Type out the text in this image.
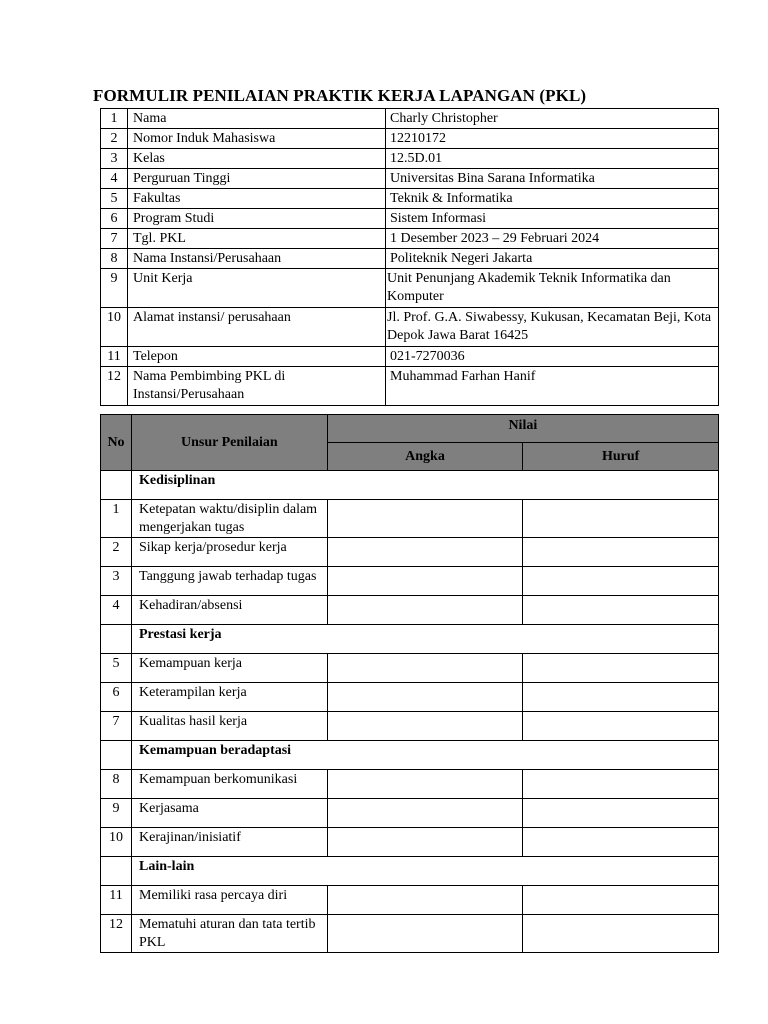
FORMULIR PENILAIAN PRAKTIK KERJA LAPANGAN (PKL)
1	Nama	Charly Christopher
2	Nomor Induk Mahasiswa	12210172
3	Kelas	12.5D.01
4	Perguruan Tinggi	Universitas Bina Sarana Informatika
5	Fakultas	Teknik & Informatika
6	Program Studi	Sistem Informasi
7	Tgl. PKL	1 Desember 2023 – 29 Februari 2024
8	Nama Instansi/Perusahaan	Politeknik Negeri Jakarta
9	Unit Kerja	Unit Penunjang Akademik Teknik Informatika dan Komputer
10	Alamat instansi/ perusahaan	Jl. Prof. G.A. Siwabessy, Kukusan, Kecamatan Beji, Kota Depok Jawa Barat 16425
11	Telepon	021-7270036
12	Nama Pembimbing PKL di Instansi/Perusahaan	Muhammad Farhan Hanif
No	Unsur Penilaian	Nilai	
		Angka	Huruf
	Kedisiplinan		
1	Ketepatan waktu/disiplin dalam mengerjakan tugas		
2	Sikap kerja/prosedur kerja		
3	Tanggung jawab terhadap tugas		
4	Kehadiran/absensi		
	Prestasi kerja		
5	Kemampuan kerja		
6	Keterampilan kerja		
7	Kualitas hasil kerja		
	Kemampuan beradaptasi		
8	Kemampuan berkomunikasi		
9	Kerjasama		
10	Kerajinan/inisiatif		
	Lain-lain		
11	Memiliki rasa percaya diri		
12	Mematuhi aturan dan tata tertib PKL		
